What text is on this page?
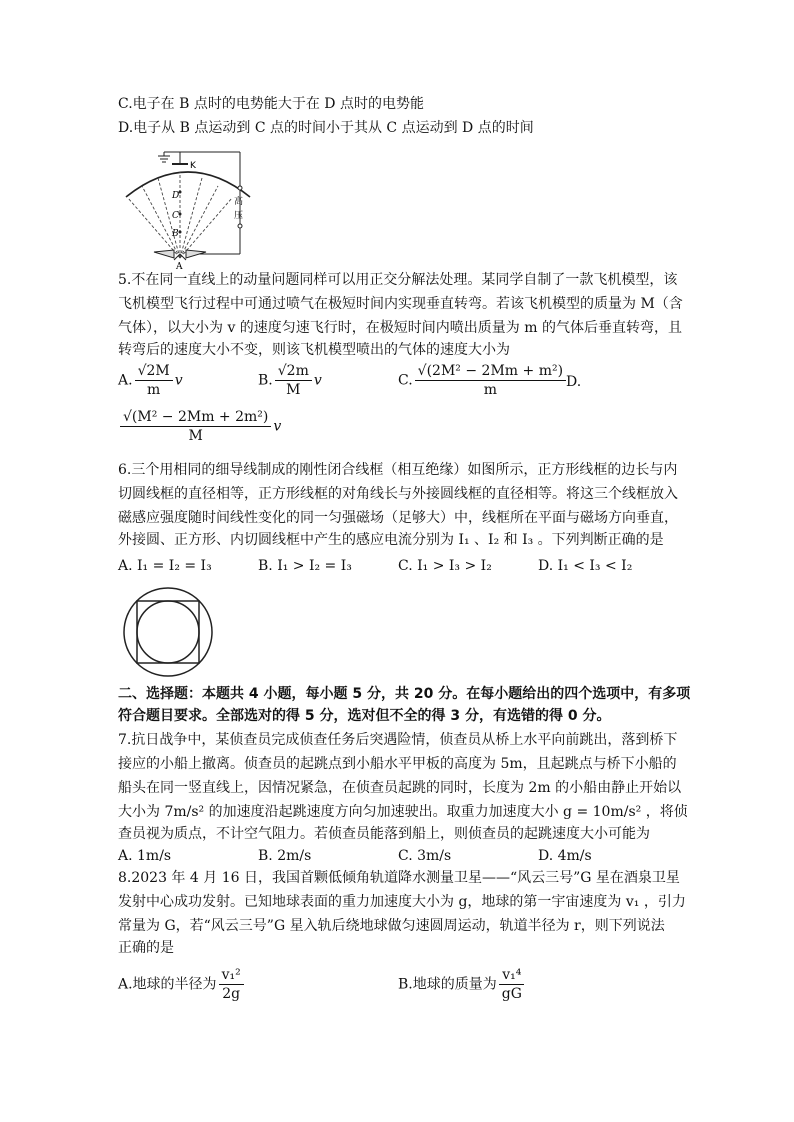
C.电子在 B 点时的电势能大于在 D 点时的电势能
D.电子从 B 点运动到 C 点的时间小于其从 C 点运动到 D 点的时间
K
高
压
D
C
B
A
5.不在同一直线上的动量问题同样可以用正交分解法处理。某同学自制了一款飞机模型，该
飞机模型飞行过程中可通过喷气在极短时间内实现垂直转弯。若该飞机模型的质量为 M（含
气体），以大小为 v 的速度匀速飞行时，在极短时间内喷出质量为 m 的气体后垂直转弯，且
转弯后的速度大小不变，则该飞机模型喷出的气体的速度大小为
A. $\frac{√2M}{m}$ v	B. $\frac{√2m}{M}$ v	C. $\frac{\text{√(2M² − 2Mm + m²)}}{m} D$.
$\frac{\text{√(M² − 2Mm + 2m²)}}{M}$ v
6.三个用相同的细导线制成的刚性闭合线框（相互绝缘）如图所示，正方形线框的边长与内
切圆线框的直径相等，正方形线框的对角线长与外接圆线框的直径相等。将这三个线框放入
磁感应强度随时间线性变化的同一匀强磁场（足够大）中，线框所在平面与磁场方向垂直，
外接圆、正方形、内切圆线框中产生的感应电流分别为 I₁ 、I₂ 和 I₃ 。下列判断正确的是
A. I₁ = I₂ = I₃	B. I₁ > I₂ = I₃	C. I₁ > I₃ > I₂	D. I₁ < I₃ < I₂
二、选择题：本题共 4 小题，每小题 5 分，共 20 分。在每小题给出的四个选项中，有多项
符合题目要求。全部选对的得 5 分，选对但不全的得 3 分，有选错的得 0 分。
7.抗日战争中，某侦查员完成侦查任务后突遇险情，侦查员从桥上水平向前跳出，落到桥下
接应的小船上撤离。侦查员的起跳点到小船水平甲板的高度为 5m，且起跳点与桥下小船的
船头在同一竖直线上，因情况紧急，在侦查员起跳的同时，长度为 2m 的小船由静止开始以
大小为 7m/s² 的加速度沿起跳速度方向匀加速驶出。取重力加速度大小 g = 10m/s² ，将侦
查员视为质点，不计空气阻力。若侦查员能落到船上，则侦查员的起跳速度大小可能为
A. 1m/s	B. 2m/s	C. 3m/s	D. 4m/s
8.2023 年 4 月 16 日，我国首颗低倾角轨道降水测量卫星——“风云三号”G 星在酒泉卫星
发射中心成功发射。已知地球表面的重力加速度大小为 g，地球的第一宇宙速度为 v₁ ，引力
常量为 G，若“风云三号”G 星入轨后绕地球做匀速圆周运动，轨道半径为 r，则下列说法
正确的是
A.地球的半径为 $\frac{\text{v₁²}}{2g}$	B.地球的质量为 $\frac{\text{v₁⁴}}{gG}$
